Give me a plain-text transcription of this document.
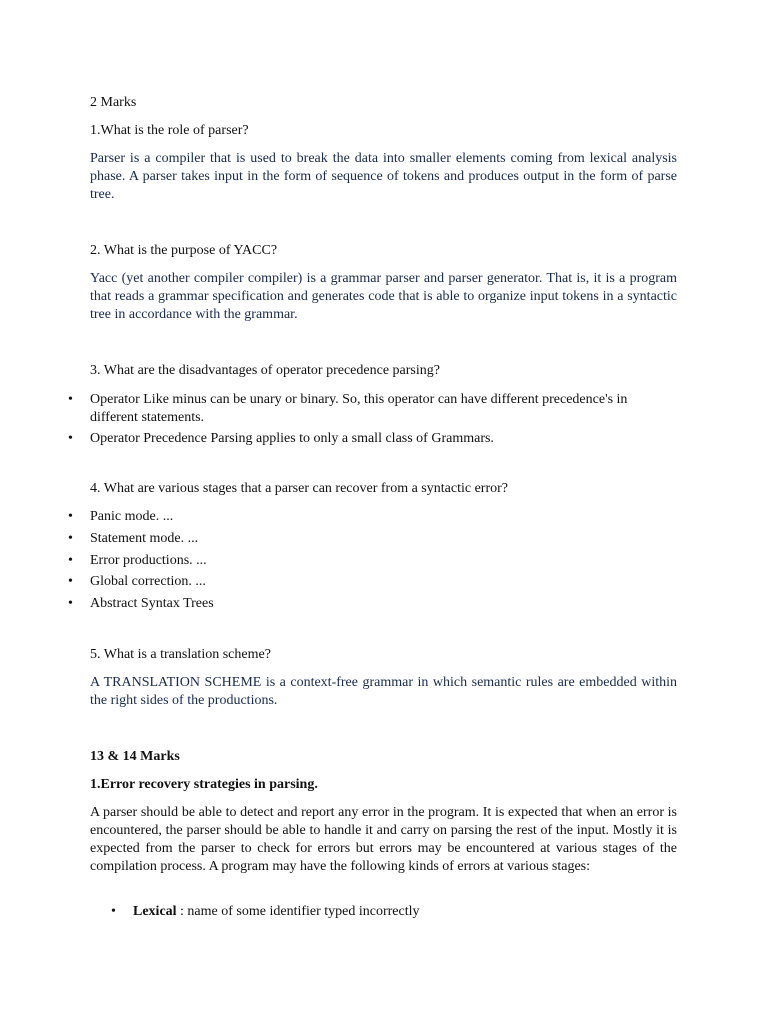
2 Marks
1.What is the role of parser?
Parser is a compiler that is used to break the data into smaller elements coming from lexical analysis phase. A parser takes input in the form of sequence of tokens and produces output in the form of parse tree.
2. What is the purpose of YACC?
Yacc (yet another compiler compiler) is a grammar parser and parser generator. That is, it is a program that reads a grammar specification and generates code that is able to organize input tokens in a syntactic tree in accordance with the grammar.
3. What are the disadvantages of operator precedence parsing?
• Operator Like minus can be unary or binary. So, this operator can have different precedence's in different statements.
• Operator Precedence Parsing applies to only a small class of Grammars.
4. What are various stages that a parser can recover from a syntactic error?
• Panic mode. ...
• Statement mode. ...
• Error productions. ...
• Global correction. ...
• Abstract Syntax Trees
5. What is a translation scheme?
A TRANSLATION SCHEME is a context-free grammar in which semantic rules are embedded within the right sides of the productions.
13 & 14 Marks
1.Error recovery strategies in parsing.
A parser should be able to detect and report any error in the program. It is expected that when an error is encountered, the parser should be able to handle it and carry on parsing the rest of the input. Mostly it is expected from the parser to check for errors but errors may be encountered at various stages of the compilation process. A program may have the following kinds of errors at various stages:
• Lexical : name of some identifier typed incorrectly
